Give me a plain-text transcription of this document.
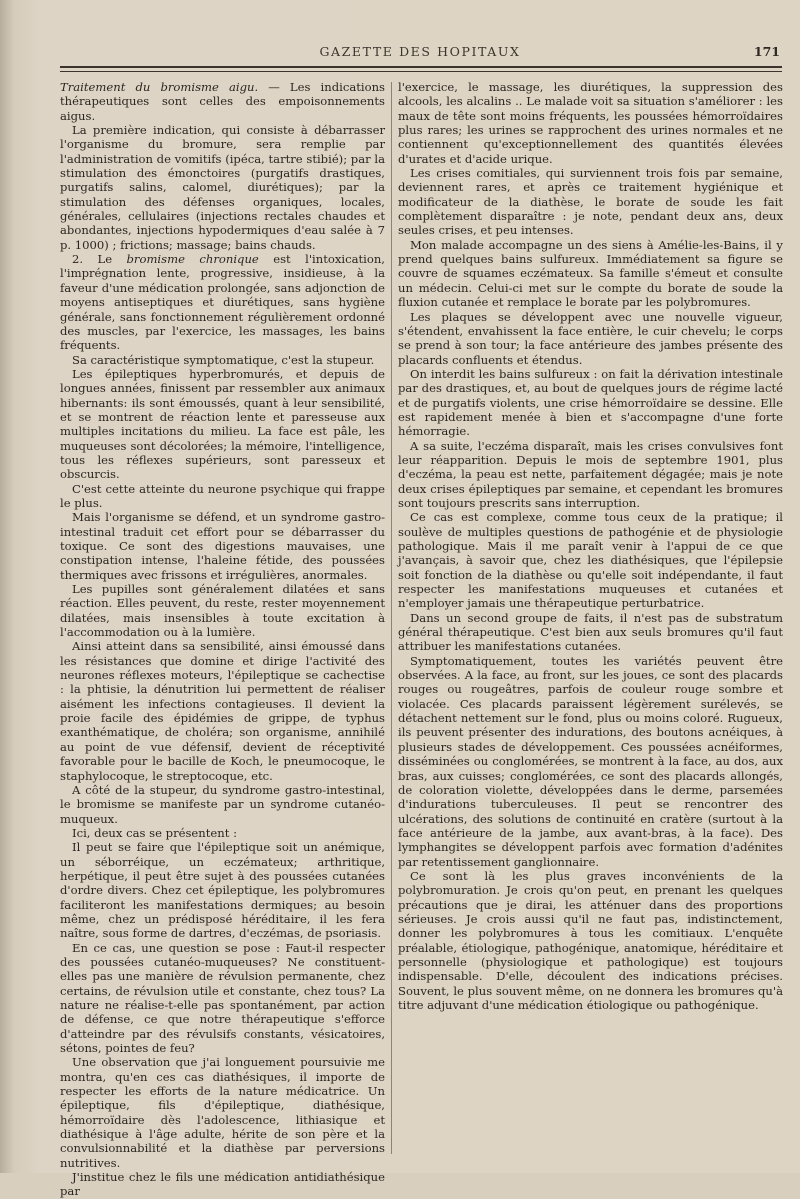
GAZETTE DES HOPITAUX	171

Traitement du bromisme aigu. — Les indications thérapeutiques sont celles des empoisonnements aigus.

La première indication, qui consiste à débarrasser l'organisme du bromure, sera remplie par l'administration de vomitifs (ipéca, tartre stibié); par la stimulation des émonctoires (purgatifs drastiques, purgatifs salins, calomel, diurétiques); par la stimulation des défenses organiques, locales, générales, cellulaires (injections rectales chaudes et abondantes, injections hypodermiques d'eau salée à 7 p. 1000) ; frictions; massage; bains chauds.

2. Le bromisme chronique est l'intoxication, l'imprégnation lente, progressive, insidieuse, à la faveur d'une médication prolongée, sans adjonction de moyens antiseptiques et diurétiques, sans hygiène générale, sans fonctionnement régulièrement ordonné des muscles, par l'exercice, les massages, les bains fréquents.

Sa caractéristique symptomatique, c'est la stupeur.

Les épileptiques hyperbromurés, et depuis de longues années, finissent par ressembler aux animaux hibernants: ils sont émoussés, quant à leur sensibilité, et se montrent de réaction lente et paresseuse aux multiples incitations du milieu. La face est pâle, les muqueuses sont décolorées; la mémoire, l'intelligence, tous les réflexes supérieurs, sont paresseux et obscurcis.

C'est cette atteinte du neurone psychique qui frappe le plus.

Mais l'organisme se défend, et un syndrome gastro-intestinal traduit cet effort pour se débarrasser du toxique. Ce sont des digestions mauvaises, une constipation intense, l'haleine fétide, des poussées thermiques avec frissons et irrégulières, anormales.

Les pupilles sont généralement dilatées et sans réaction. Elles peuvent, du reste, rester moyennement dilatées, mais insensibles à toute excitation à l'accommodation ou à la lumière.

Ainsi atteint dans sa sensibilité, ainsi émoussé dans les résistances que domine et dirige l'activité des neurones réflexes moteurs, l'épileptique se cachectise : la phtisie, la dénutrition lui permettent de réaliser aisément les infections contagieuses. Il devient la proie facile des épidémies de grippe, de typhus exanthématique, de choléra; son organisme, annihilé au point de vue défensif, devient de réceptivité favorable pour le bacille de Koch, le pneumocoque, le staphylocoque, le streptocoque, etc.

A côté de la stupeur, du syndrome gastro-intestinal, le bromisme se manifeste par un syndrome cutanéo-muqueux.

Ici, deux cas se présentent :

Il peut se faire que l'épileptique soit un anémique, un séborréique, un eczémateux; arthritique, herpétique, il peut être sujet à des poussées cutanées d'ordre divers. Chez cet épileptique, les polybromures faciliteront les manifestations dermiques; au besoin même, chez un prédisposé héréditaire, il les fera naître, sous forme de dartres, d'eczémas, de psoriasis.

En ce cas, une question se pose : Faut-il respecter des poussées cutanéo-muqueuses? Ne constituent-elles pas une manière de révulsion permanente, chez certains, de révulsion utile et constante, chez tous? La nature ne réalise-t-elle pas spontanément, par action de défense, ce que notre thérapeutique s'efforce d'atteindre par des révulsifs constants, vésicatoires, sétons, pointes de feu?

Une observation que j'ai longuement poursuivie me montra, qu'en ces cas diathésiques, il importe de respecter les efforts de la nature médicatrice. Un épileptique, fils d'épileptique, diathésique, hémorroïdaire dès l'adolescence, lithiasique et diathésique à l'âge adulte, hérite de son père et la convulsionnabilité et la diathèse par perversions nutritives.

J'institue chez le fils une médication antidiathésique par

l'exercice, le massage, les diurétiques, la suppression des alcools, les alcalins .. Le malade voit sa situation s'améliorer : les maux de tête sont moins fréquents, les poussées hémorroïdaires plus rares; les urines se rapprochent des urines normales et ne contiennent qu'exceptionnellement des quantités élevées d'urates et d'acide urique.

Les crises comitiales, qui surviennent trois fois par semaine, deviennent rares, et après ce traitement hygiénique et modificateur de la diathèse, le borate de soude les fait complètement disparaître : je note, pendant deux ans, deux seules crises, et peu intenses.

Mon malade accompagne un des siens à Amélie-les-Bains, il y prend quelques bains sulfureux. Immédiatement sa figure se couvre de squames eczémateux. Sa famille s'émeut et consulte un médecin. Celui-ci met sur le compte du borate de soude la fluxion cutanée et remplace le borate par les polybromures.

Les plaques se développent avec une nouvelle vigueur, s'étendent, envahissent la face entière, le cuir chevelu; le corps se prend à son tour; la face antérieure des jambes présente des placards confluents et étendus.

On interdit les bains sulfureux : on fait la dérivation intestinale par des drastiques, et, au bout de quelques jours de régime lacté et de purgatifs violents, une crise hémorroïdaire se dessine. Elle est rapidement menée à bien et s'accompagne d'une forte hémorragie.

A sa suite, l'eczéma disparaît, mais les crises convulsives font leur réapparition. Depuis le mois de septembre 1901, plus d'eczéma, la peau est nette, parfaitement dégagée; mais je note deux crises épileptiques par semaine, et cependant les bromures sont toujours prescrits sans interruption.

Ce cas est complexe, comme tous ceux de la pratique; il soulève de multiples questions de pathogénie et de physiologie pathologique. Mais il me paraît venir à l'appui de ce que j'avançais, à savoir que, chez les diathésiques, que l'épilepsie soit fonction de la diathèse ou qu'elle soit indépendante, il faut respecter les manifestations muqueuses et cutanées et n'employer jamais une thérapeutique perturbatrice.

Dans un second groupe de faits, il n'est pas de substratum général thérapeutique. C'est bien aux seuls bromures qu'il faut attribuer les manifestations cutanées.

Symptomatiquement, toutes les variétés peuvent être observées. A la face, au front, sur les joues, ce sont des placards rouges ou rougeâtres, parfois de couleur rouge sombre et violacée. Ces placards paraissent légèrement surélevés, se détachent nettement sur le fond, plus ou moins coloré. Rugueux, ils peuvent présenter des indurations, des boutons acnéiques, à plusieurs stades de développement. Ces poussées acnéiformes, disséminées ou conglomérées, se montrent à la face, au dos, aux bras, aux cuisses; conglomérées, ce sont des placards allongés, de coloration violette, développées dans le derme, parsemées d'indurations tuberculeuses. Il peut se rencontrer des ulcérations, des solutions de continuité en cratère (surtout à la face antérieure de la jambe, aux avant-bras, à la face). Des lymphangites se développent parfois avec formation d'adénites par retentissement ganglionnaire.

Ce sont là les plus graves inconvénients de la polybromuration. Je crois qu'on peut, en prenant les quelques précautions que je dirai, les atténuer dans des proportions sérieuses. Je crois aussi qu'il ne faut pas, indistinctement, donner les polybromures à tous les comitiaux. L'enquête préalable, étiologique, pathogénique, anatomique, héréditaire et personnelle (physiologique et pathologique) est toujours indispensable. D'elle, découlent des indications précises. Souvent, le plus souvent même, on ne donnera les bromures qu'à titre adjuvant d'une médication étiologique ou pathogénique.
